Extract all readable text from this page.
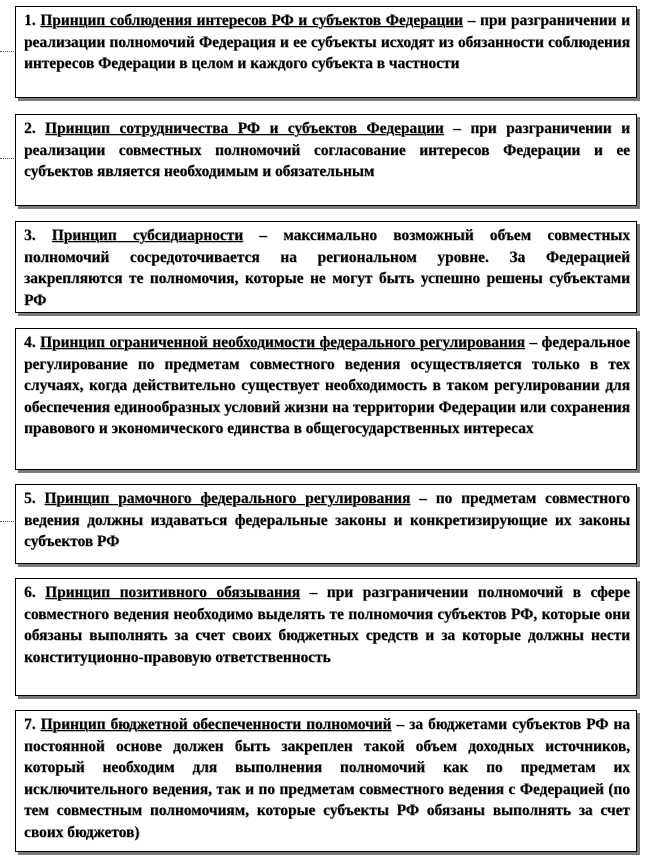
1. Принцип соблюдения интересов РФ и субъектов Федерации – при разграничении и реализации полномочий Федерация и ее субъекты исходят из обязанности соблюдения интересов Федерации в целом и каждого субъекта в частности
2. Принцип сотрудничества РФ и субъектов Федерации – при разграничении и реализации совместных полномочий согласование интересов Федерации и ее субъектов является необходимым и обязательным
3. Принцип субсидиарности – максимально возможный объем совместных полномочий сосредоточивается на региональном уровне. За Федерацией закрепляются те полномочия, которые не могут быть успешно решены субъектами РФ
4. Принцип ограниченной необходимости федерального регулирования – федеральное регулирование по предметам совместного ведения осуществляется только в тех случаях, когда действительно существует необходимость в таком регулировании для обеспечения единообразных условий жизни на территории Федерации или сохранения правового и экономического единства в общегосударственных интересах
5. Принцип рамочного федерального регулирования – по предметам совместного ведения должны издаваться федеральные законы и конкретизирующие их законы субъектов РФ
6. Принцип позитивного обязывания – при разграничении полномочий в сфере совместного ведения необходимо выделять те полномочия субъектов РФ, которые они обязаны выполнять за счет своих бюджетных средств и за которые должны нести конституционно-правовую ответственность
7. Принцип бюджетной обеспеченности полномочий – за бюджетами субъектов РФ на постоянной основе должен быть закреплен такой объем доходных источников, который необходим для выполнения полномочий как по предметам их исключительного ведения, так и по предметам совместного ведения с Федерацией (по тем совместным полномочиям, которые субъекты РФ обязаны выполнять за счет своих бюджетов)
